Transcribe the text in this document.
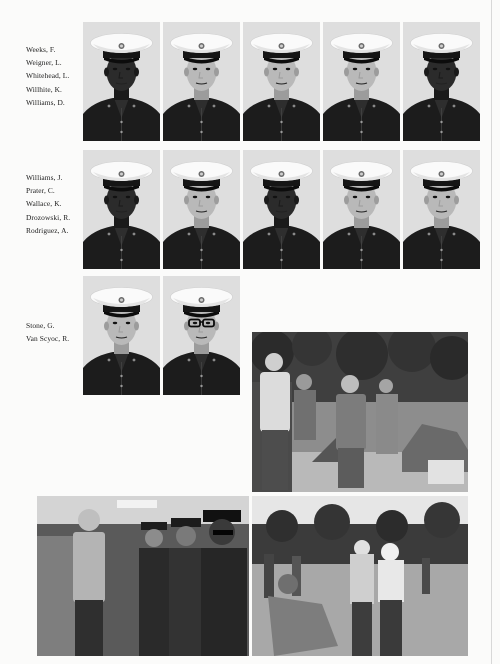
Weeks, F.
Weigner, L.
Whitehead, L.
Willhite, K.
Williams, D.
Williams, J.
Prater, C.
Wallace, K.
Drozowski, R.
Rodriguez, A.
Stone, G.
Van Scyoc, R.
